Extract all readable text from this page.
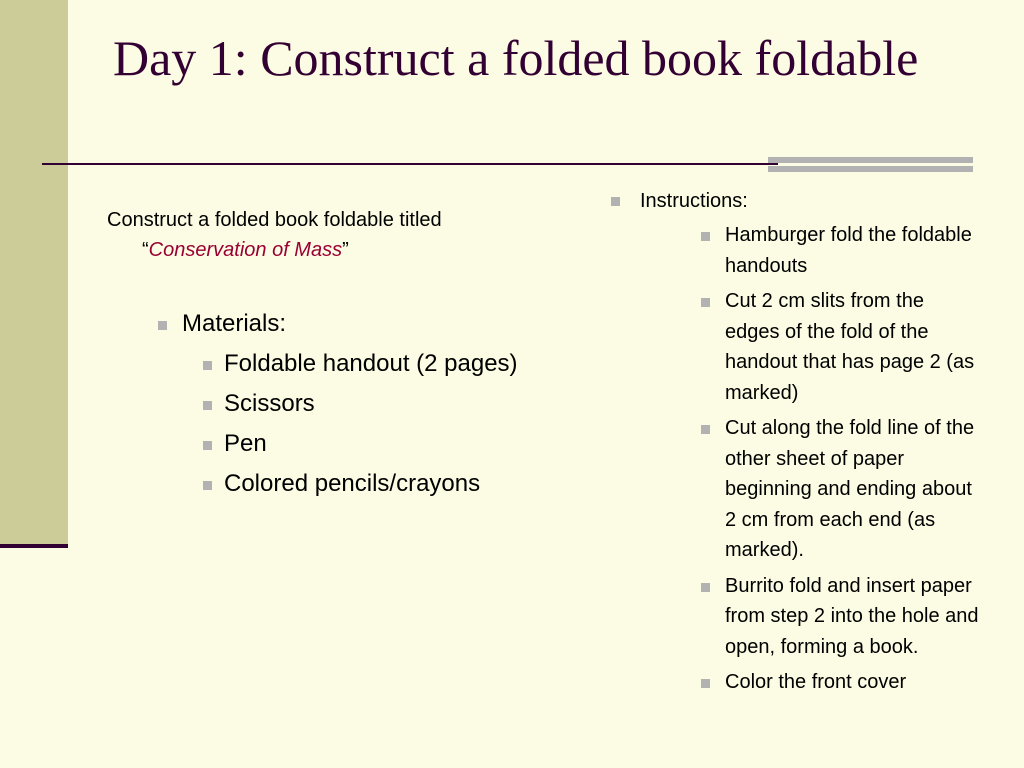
Day 1: Construct a folded book foldable

Construct a folded book foldable titled “Conservation of Mass”

Materials:
Foldable handout (2 pages)
Scissors
Pen
Colored pencils/crayons
Instructions:
Hamburger fold the foldable handouts
Cut 2 cm slits from the edges of the fold of the handout that has page 2 (as marked)
Cut along the fold line of the other sheet of paper beginning and ending about 2 cm from each end (as marked).
Burrito fold and insert paper from step 2 into the hole and open, forming a book.
Color the front cover
